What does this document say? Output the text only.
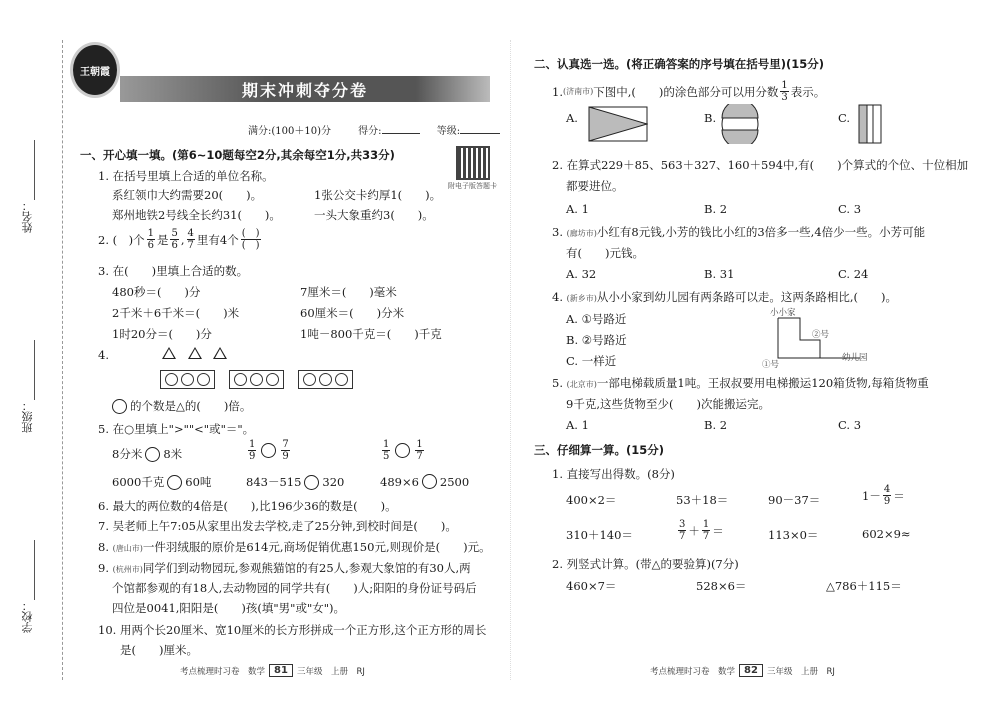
姓名：
班级：
学校：
王朝霞
期末冲刺夺分卷
满分:(100＋10)分	得分:	等级:
附电子版答题卡
一、开心填一填。(第6~10题每空2分,其余每空1分,共33分)
1. 在括号里填上合适的单位名称。
系红领巾大约需要20(　　)。	1张公交卡约厚1(　　)。
郑州地铁2号线全长约31(　　)。	一头大象重约3(　　)。
2. (　)个 $\frac{1}{6}$ 是 $\frac{5}{6}$ , $\frac{4}{7}$ 里有4个 $\frac{( )}{( )}$
3. 在(　　)里填上合适的数。
480秒＝(　　)分	7厘米＝(　　)毫米
2千米＋6千米＝(　　)米	60厘米＝(　　)分米
1时20分＝(　　)分	1吨－800千克＝(　　)千克
4.

的个数是△的(　　)倍。
5. 在○里填上">""<"或"＝"。
8分米 8米	$\frac{1}{9}$	$\frac{7}{9}$	$\frac{1}{5}$	$\frac{1}{7}$
6000千克 60吨	843－515 320	489×6 2500
6. 最大的两位数的4倍是(　　),比196少36的数是(　　)。
7. 吴老师上午7:05从家里出发去学校,走了25分钟,到校时间是(　　)。
8. (唐山市)一件羽绒服的原价是614元,商场促销优惠150元,则现价是(　　)元。
9. (杭州市)同学们到动物园玩,参观熊猫馆的有25人,参观大象馆的有30人,两
个馆都参观的有18人,去动物园的同学共有(　　)人;阳阳的身份证号码后
四位是0041,阳阳是(　　)孩(填"男"或"女")。
10. 用两个长20厘米、宽10厘米的长方形拼成一个正方形,这个正方形的周长
是(　　)厘米。
考点梳理时习卷　数学 81	三年级　上册　RJ
二、认真选一选。(将正确答案的序号填在括号里)(15分)
1. (济南市) 下图中,(　　)的涂色部分可以用分数 $\frac{1}{3}$ 表示。
A.	B.	C.
2. 在算式229＋85、563＋327、160＋594中,有(　　)个算式的个位、十位相加
都要进位。
A. 1	B. 2	C. 3
3. (廊坊市)小红有8元钱,小芳的钱比小红的3倍多一些,4倍少一些。小芳可能
有(　　)元钱。
A. 32	B. 31	C. 24
4. (新乡市)从小小家到幼儿园有两条路可以走。这两条路相比,(　　)。
A. ①号路近
B. ②号路近
C. 一样近
小小家
②号
①号
幼儿园
5. (北京市)一部电梯载质量1吨。王叔叔要用电梯搬运120箱货物,每箱货物重
9千克,这些货物至少(　　)次能搬运完。
A. 1	B. 2	C. 3
三、仔细算一算。(15分)
1. 直接写出得数。(8分)
400×2＝	53＋18＝	90－37＝	$1- \frac{4}{9}$ ＝
310＋140＝	$\frac{3}{7} + \frac{1}{7}$ ＝	113×0＝	602×9≈
2. 列竖式计算。(带△的要验算)(7分)
460×7＝	528×6＝	△786＋115＝
考点梳理时习卷　数学 82	三年级　上册　RJ
